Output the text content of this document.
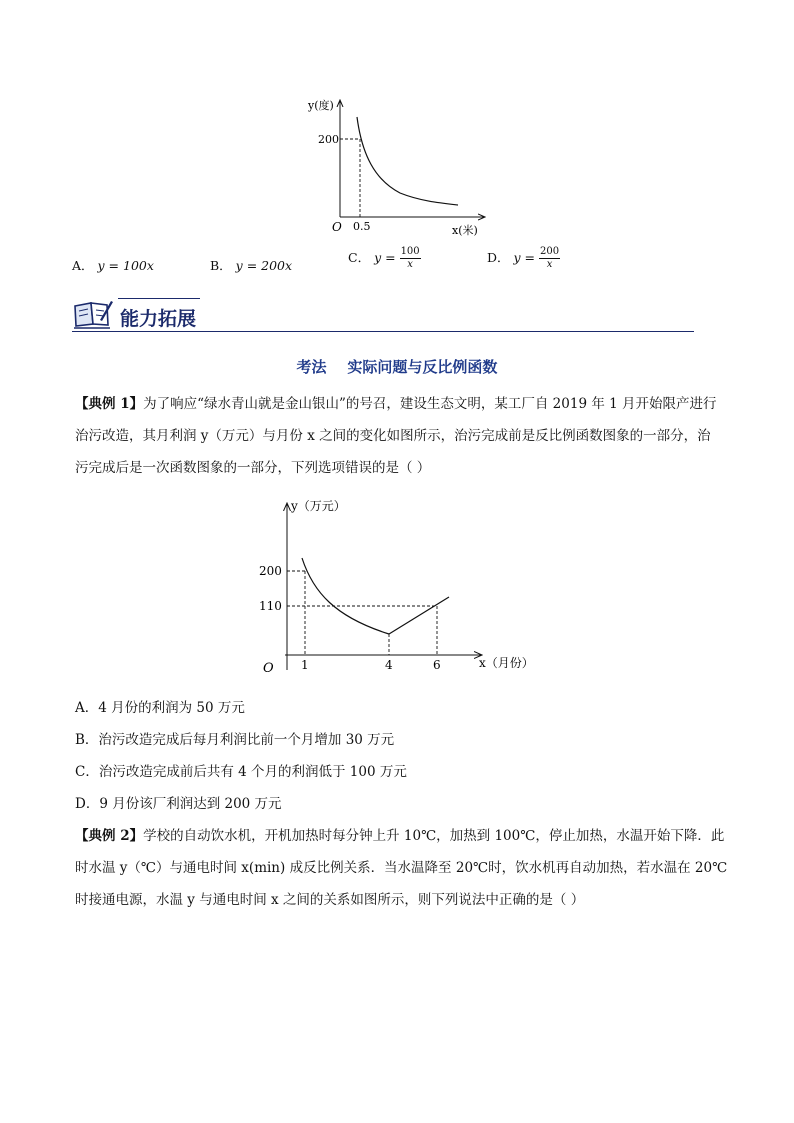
y(度)
200
O 0.5	x(米)
A． y = 100x	B． y = 200x
C． $y = \frac{100}{x}$	D． $y = \frac{200}{x}$
能力拓展
考法    实际问题与反比例函数
【典例 1】为了响应“绿水青山就是金山银山”的号召，建设生态文明，某工厂自 2019 年 1 月开始限产进行
治污改造，其月利润 y（万元）与月份 x 之间的变化如图所示，治污完成前是反比例函数图象的一部分，治
污完成后是一次函数图象的一部分，下列选项错误的是（ ）
y（万元）
200
110
O 1	4	6	x（月份）
A．4 月份的利润为 50 万元
B．治污改造完成后每月利润比前一个月增加 30 万元
C．治污改造完成前后共有 4 个月的利润低于 100 万元
D．9 月份该厂利润达到 200 万元
【典例 2】学校的自动饮水机，开机加热时每分钟上升 10℃，加热到 100℃，停止加热，水温开始下降．此
时水温 y（℃）与通电时间 x(min) 成反比例关系．当水温降至 20℃时，饮水机再自动加热，若水温在 20℃
时接通电源，水温 y 与通电时间 x 之间的关系如图所示，则下列说法中正确的是（ ）
